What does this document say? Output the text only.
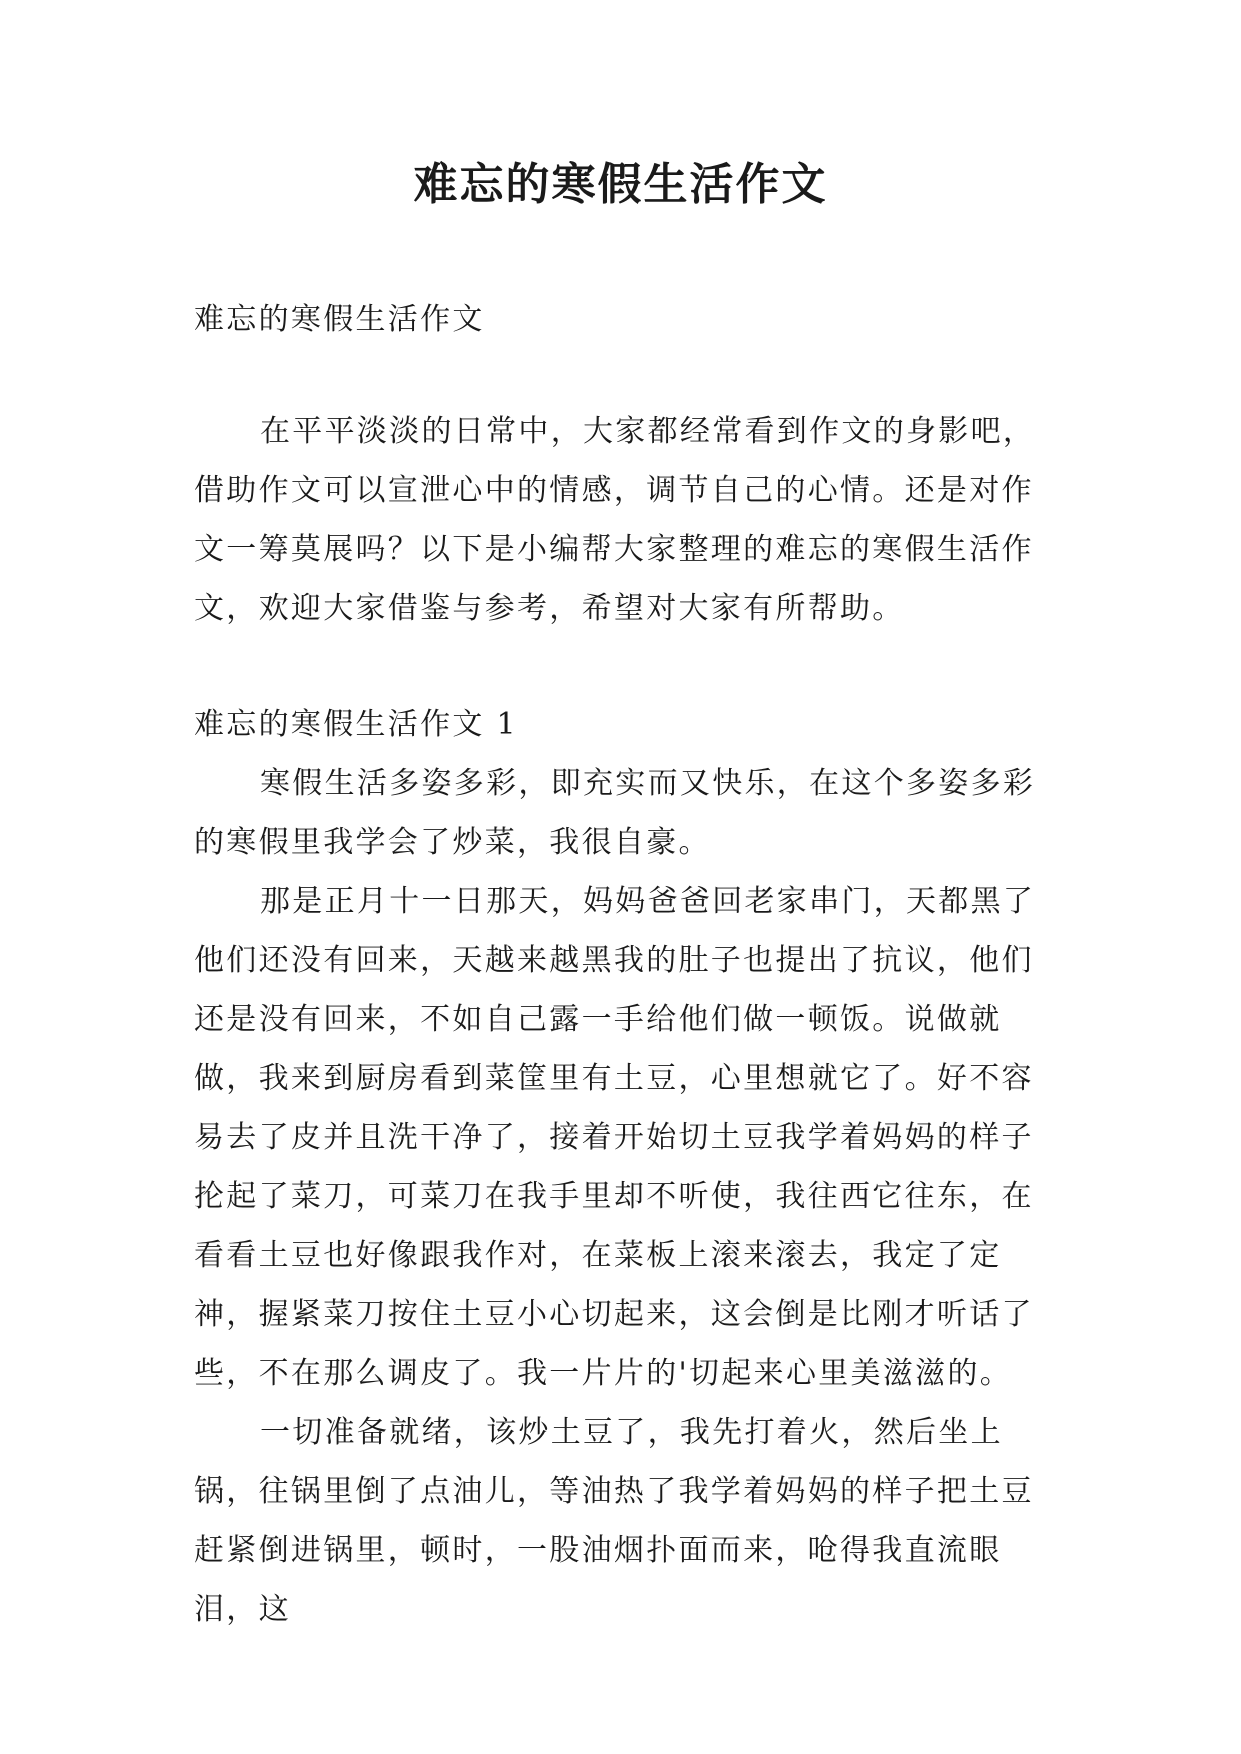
难忘的寒假生活作文
难忘的寒假生活作文
在平平淡淡的日常中，大家都经常看到作文的身影吧，借助作文可以宣泄心中的情感，调节自己的心情。还是对作文一筹莫展吗？以下是小编帮大家整理的难忘的寒假生活作文，欢迎大家借鉴与参考，希望对大家有所帮助。
难忘的寒假生活作文 1

寒假生活多姿多彩，即充实而又快乐，在这个多姿多彩的寒假里我学会了炒菜，我很自豪。

那是正月十一日那天，妈妈爸爸回老家串门，天都黑了他们还没有回来，天越来越黑我的肚子也提出了抗议，他们还是没有回来，不如自己露一手给他们做一顿饭。说做就做，我来到厨房看到菜筐里有土豆，心里想就它了。好不容易去了皮并且洗干净了，接着开始切土豆我学着妈妈的样子抡起了菜刀，可菜刀在我手里却不听使，我往西它往东，在看看土豆也好像跟我作对，在菜板上滚来滚去，我定了定神，握紧菜刀按住土豆小心切起来，这会倒是比刚才听话了些，不在那么调皮了。我一片片的'切起来心里美滋滋的。

一切准备就绪，该炒土豆了，我先打着火，然后坐上锅，往锅里倒了点油儿，等油热了我学着妈妈的样子把土豆赶紧倒进锅里，顿时，一股油烟扑面而来，呛得我直流眼泪，这
